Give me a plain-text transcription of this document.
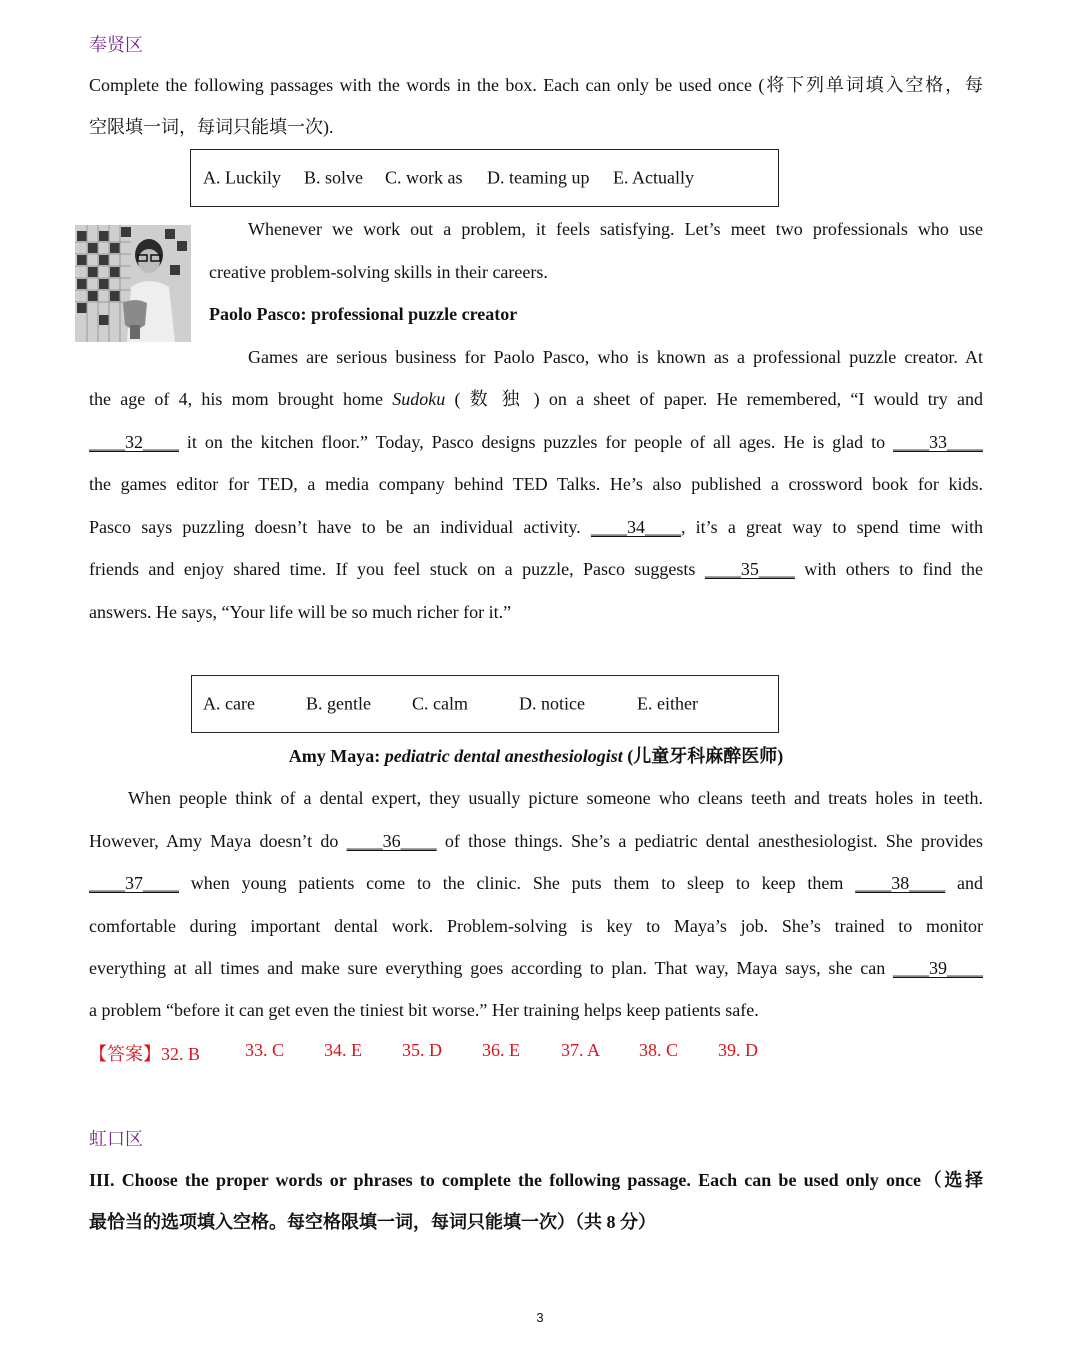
奉贤区
Complete the following passages with the words in the box. Each can only be used once (将下列单词填入空格，每
空限填一词，每词只能填一次).
A. Luckily B. solve C. work as D. teaming up E. Actually
Whenever we work out a problem, it feels satisfying. Let’s meet two professionals who use
creative problem-solving skills in their careers.
Paolo Pasco: professional puzzle creator
Games are serious business for Paolo Pasco, who is known as a professional puzzle creator. At
the age of 4, his mom brought home Sudoku ( 数 独 ) on a sheet of paper. He remembered, “I would try and
____32____ it on the kitchen floor.” Today, Pasco designs puzzles for people of all ages. He is glad to ____33____
the games editor for TED, a media company behind TED Talks. He’s also published a crossword book for kids.
Pasco says puzzling doesn’t have to be an individual activity. ____34____, it’s a great way to spend time with
friends and enjoy shared time. If you feel stuck on a puzzle, Pasco suggests ____35____ with others to find the
answers. He says, “Your life will be so much richer for it.”
A. care	B. gentle C. calm	D. notice	E. either
Amy Maya: pediatric dental anesthesiologist (儿童牙科麻醉医师)
When people think of a dental expert, they usually picture someone who cleans teeth and treats holes in teeth.
However, Amy Maya doesn’t do ____36____ of those things. She’s a pediatric dental anesthesiologist. She provides
____37____ when young patients come to the clinic. She puts them to sleep to keep them ____38____ and
comfortable during important dental work. Problem-solving is key to Maya’s job. She’s trained to monitor
everything at all times and make sure everything goes according to plan. That way, Maya says, she can ____39____
a problem “before it can get even the tiniest bit worse.” Her training helps keep patients safe.
【答案】32. B 33. C 34. E 35. D 36. E 37. A 38. C 39. D
虹口区
III. Choose the proper words or phrases to complete the following passage. Each can be used only once（选择
最恰当的选项填入空格。每空格限填一词，每词只能填一次）（共 8 分）
3
